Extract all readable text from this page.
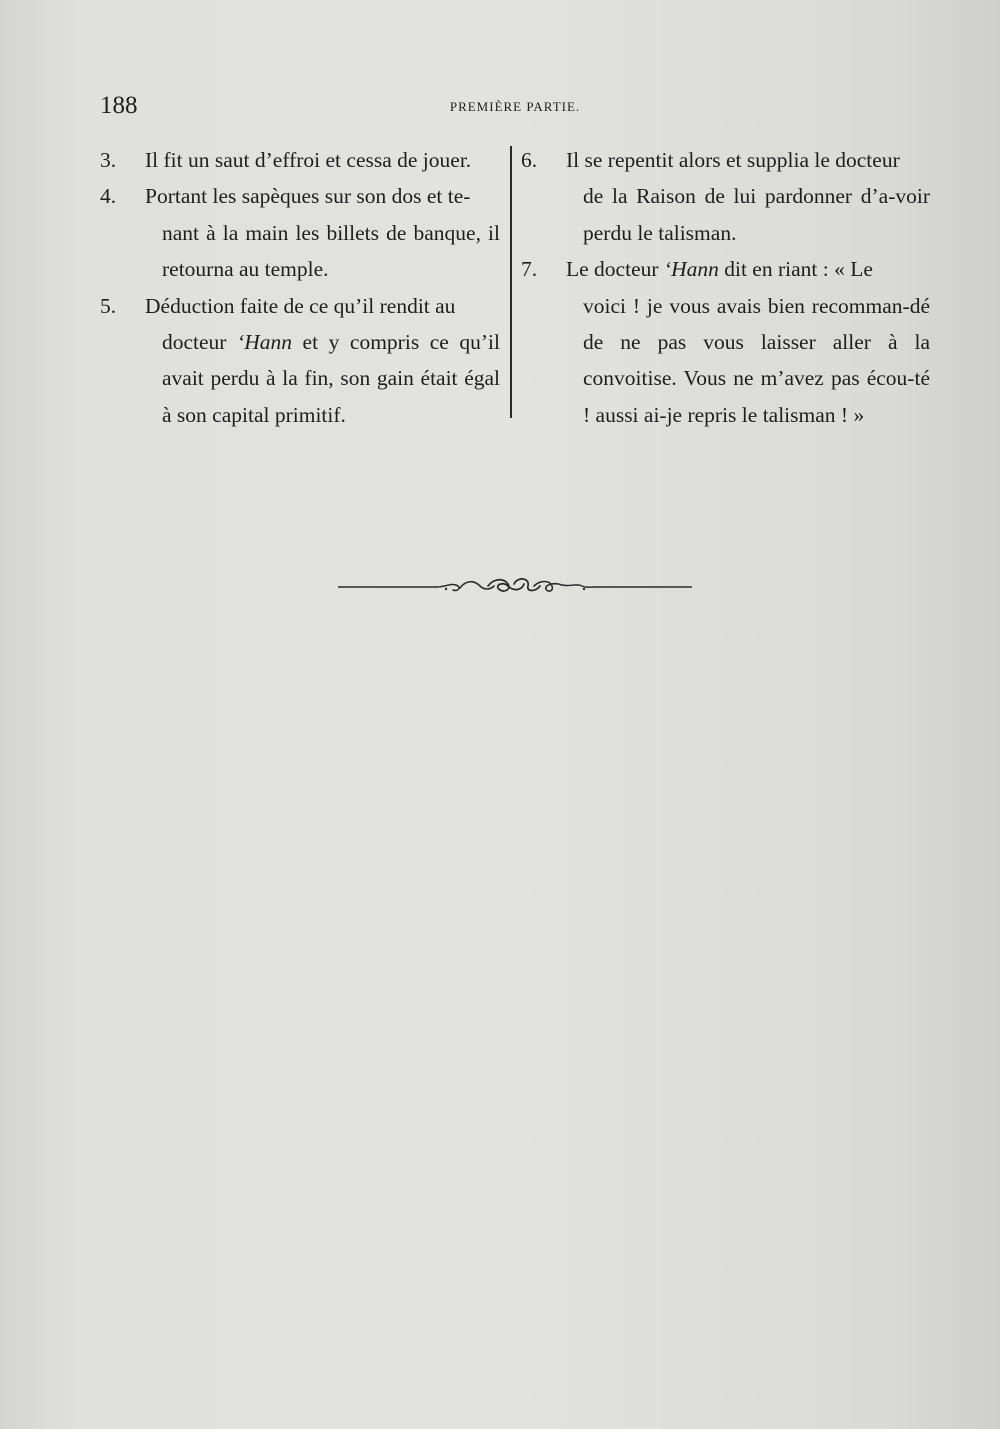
188	PREMIÈRE PARTIE.
3.	Il fit un saut d’effroi et cessa de jouer.
4.	Portant les sapèques sur son dos et te-
nant à la main les billets de banque, il retourna au temple.
5.	Déduction faite de ce qu’il rendit au
docteur ‘Hann et y compris ce qu’il avait perdu à la fin, son gain était égal à son capital primitif.
6.	Il se repentit alors et supplia le docteur
de la Raison de lui pardonner d’a-voir perdu le talisman.
7.	Le docteur ‘Hann dit en riant : « Le
voici ! je vous avais bien recomman-dé de ne pas vous laisser aller à la convoitise. Vous ne m’avez pas écou-té ! aussi ai-je repris le talisman ! »
